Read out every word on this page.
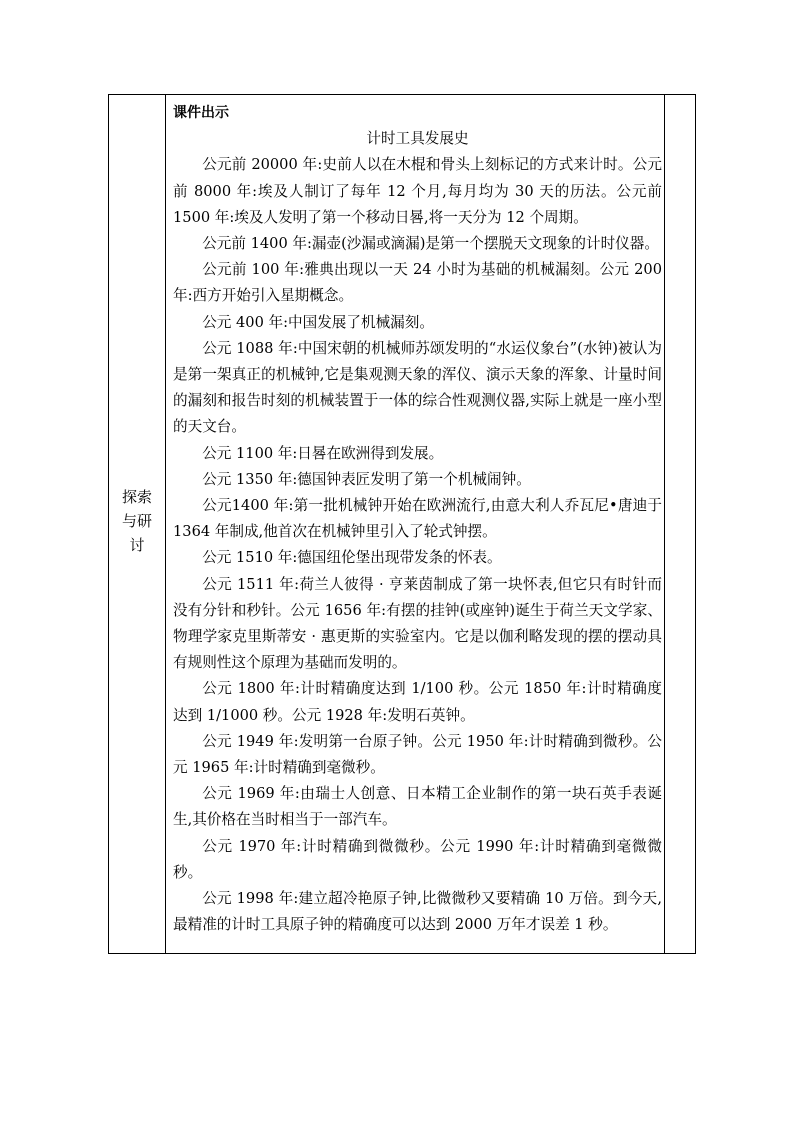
探索
与研
讨

课件出示

计时工具发展史

公元前 20000 年:史前人以在木棍和骨头上刻标记的方式来计时。公元前 8000 年:埃及人制订了每年 12 个月,每月均为 30 天的历法。公元前 1500 年:埃及人发明了第一个移动日晷,将一天分为 12 个周期。

公元前 1400 年:漏壶(沙漏或滴漏)是第一个摆脱天文现象的计时仪器。

公元前 100 年:雅典出现以一天 24 小时为基础的机械漏刻。公元 200 年:西方开始引入星期概念。

公元 400 年:中国发展了机械漏刻。

公元 1088 年:中国宋朝的机械师苏颂发明的“水运仪象台”(水钟)被认为是第一架真正的机械钟,它是集观测天象的浑仪、演示天象的浑象、计量时间的漏刻和报告时刻的机械装置于一体的综合性观测仪器,实际上就是一座小型的天文台。

公元 1100 年:日晷在欧洲得到发展。

公元 1350 年:德国钟表匠发明了第一个机械闹钟。

公元1400 年:第一批机械钟开始在欧洲流行,由意大利人乔瓦尼•唐迪于 1364 年制成,他首次在机械钟里引入了轮式钟摆。

公元 1510 年:德国纽伦堡出现带发条的怀表。

公元 1511 年:荷兰人彼得 · 亨莱茵制成了第一块怀表,但它只有时针而没有分针和秒针。公元 1656 年:有摆的挂钟(或座钟)诞生于荷兰天文学家、物理学家克里斯蒂安 · 惠更斯的实验室内。它是以伽利略发现的摆的摆动具有规则性这个原理为基础而发明的。

公元 1800 年:计时精确度达到 1/100 秒。公元 1850 年:计时精确度达到 1/1000 秒。公元 1928 年:发明石英钟。

公元 1949 年:发明第一台原子钟。公元 1950 年:计时精确到微秒。公元 1965 年:计时精确到毫微秒。

公元 1969 年:由瑞士人创意、日本精工企业制作的第一块石英手表诞生,其价格在当时相当于一部汽车。

公元 1970 年:计时精确到微微秒。公元 1990 年:计时精确到毫微微秒。

公元 1998 年:建立超冷艳原子钟,比微微秒又要精确 10 万倍。到今天,最精准的计时工具原子钟的精确度可以达到 2000 万年才误差 1 秒。
